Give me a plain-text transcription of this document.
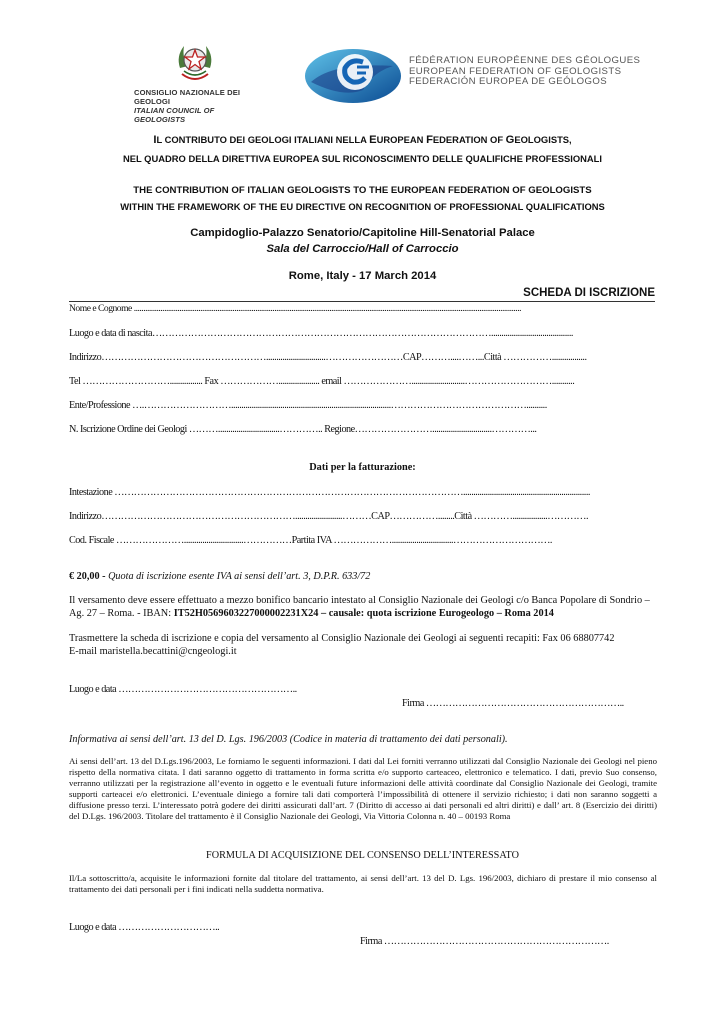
CONSIGLIO NAZIONALE DEI GEOLOGI
ITALIAN COUNCIL OF GEOLOGISTS
FÉDÉRATION EUROPÉENNE DES GÉOLOGUES
EUROPEAN FEDERATION OF GEOLOGISTS
FEDERACIÓN EUROPEA DE GEÓLOGOS
IL CONTRIBUTO DEI GEOLOGI ITALIANI NELLA EUROPEAN FEDERATION OF GEOLOGISTS,
NEL QUADRO DELLA DIRETTIVA EUROPEA SUL RICONOSCIMENTO DELLE QUALIFICHE PROFESSIONALI
THE CONTRIBUTION OF ITALIAN GEOLOGISTS TO THE EUROPEAN FEDERATION OF GEOLOGISTS
WITHIN THE FRAMEWORK OF THE EU DIRECTIVE ON RECOGNITION OF PROFESSIONAL QUALIFICATIONS
Campidoglio-Palazzo Senatorio/Capitoline Hill-Senatorial Palace
Sala del Carroccio/Hall of Carroccio
Rome, Italy - 17 March 2014
SCHEDA DI ISCRIZIONE
Nome e Cognome ............................................................................................................................................................................................................
Luogo e data di nascita……………………………………………………………………………………………........................................
Indirizzo…………………………………………….............................……………………CAP………....……...Città …………….................
Tel ………………………................ Fax ……………….................... email …………………..........................………………………...........
Ente/Professione ….………………………..............................................................................……………………………………..........
N. Iscrizione Ordine dei Geologi ………..............................………….. Regione…………………….............................…………...
Dati per la fatturazione:
Intestazione ………………………………………………………………………………………………..............................................................
Indirizzo…………………………………………………….......................………CAP……………........Città ………….................………….
Cod. Fiscale ………………….............................……………Partita IVA ………………..............................………………………….
€ 20,00 - Quota di iscrizione esente IVA ai sensi dell’art. 3, D.P.R. 633/72
Il versamento deve essere effettuato a mezzo bonifico bancario intestato al Consiglio Nazionale dei Geologi c/o Banca Popolare di Sondrio – Ag. 27 – Roma. - IBAN: IT52H0569603227000002231X24 – causale: quota iscrizione Eurogeologo – Roma 2014
Trasmettere la scheda di iscrizione e copia del versamento al Consiglio Nazionale dei Geologi ai seguenti recapiti: Fax 06 68807742
E-mail maristella.becattini@cngeologi.it
Luogo e data ………………………………………………..
Firma ……………………………………………………..
Informativa ai sensi dell’art. 13 del D. Lgs. 196/2003 (Codice in materia di trattamento dei dati personali).
Ai sensi dell’art. 13 del D.Lgs.196/2003, Le forniamo le seguenti informazioni. I dati dal Lei forniti verranno utilizzati dal Consiglio Nazionale dei Geologi nel pieno rispetto della normativa citata. I dati saranno oggetto di trattamento in forma scritta e/o supporto carteaceo, elettronico e telematico. I dati, previo Suo consenso, verranno utilizzati per la registrazione all’evento in oggetto e le eventuali future informazioni delle attività coordinate dal Consiglio Nazionale dei Geologi, tramite supporti carteacei e/o elettronici. L’eventuale diniego a fornire tali dati comporterà l’impossibilità di ottenere il servizio richiesto; i dati non saranno soggetti a diffusione presso terzi. L’interessato potrà godere dei diritti assicurati dall’art. 7 (Diritto di accesso ai dati personali ed altri diritti) e dall’ art. 8 (Esercizio dei diritti) del D.Lgs. 196/2003. Titolare del trattamento è il Consiglio Nazionale dei Geologi, Via Vittoria Colonna n. 40 – 00193 Roma
FORMULA DI ACQUISIZIONE DEL CONSENSO DELL’INTERESSATO
Il/La sottoscritto/a, acquisite le informazioni fornite dal titolare del trattamento, ai sensi dell’art. 13 del D. Lgs. 196/2003, dichiaro di prestare il mio consenso al trattamento dei dati personali per i fini indicati nella suddetta normativa.
Luogo e data …………………………..
Firma …………………………………………………………….
